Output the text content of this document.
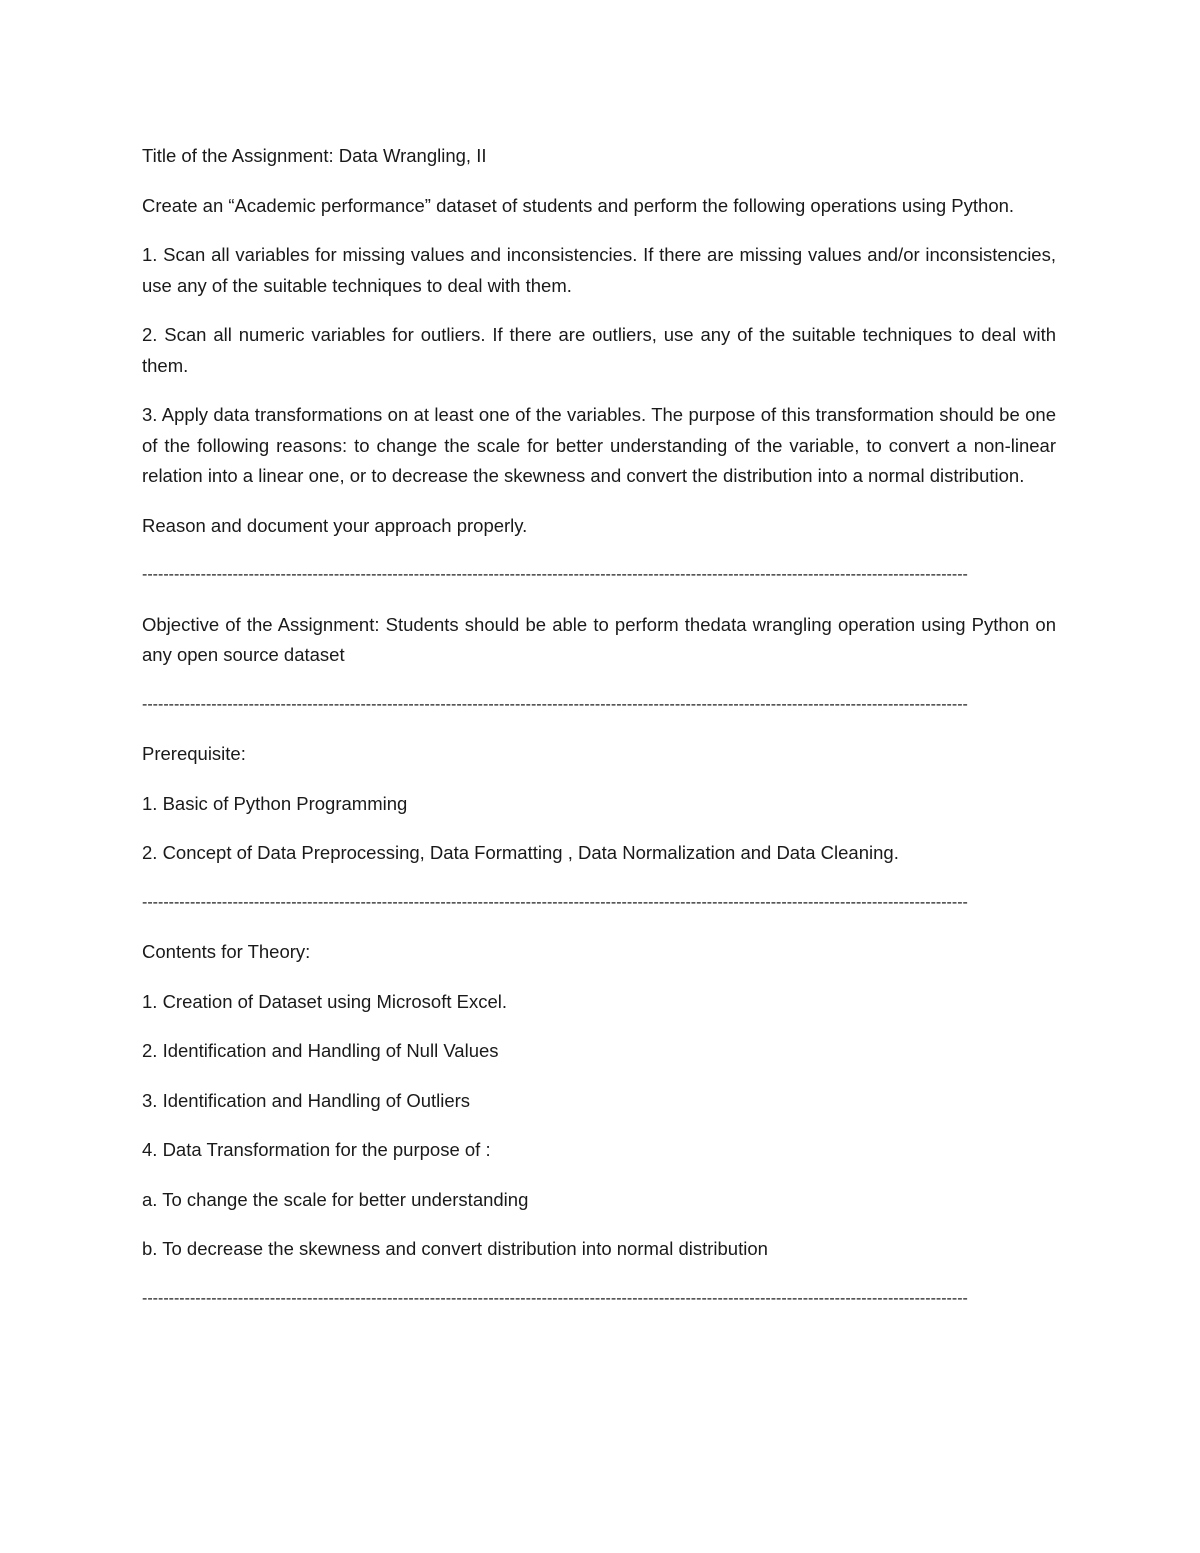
Title of the Assignment: Data Wrangling, II

Create an “Academic performance” dataset of students and perform the following operations using Python.

1. Scan all variables for missing values and inconsistencies. If there are missing values and/or inconsistencies, use any of the suitable techniques to deal with them.

2. Scan all numeric variables for outliers. If there are outliers, use any of the suitable techniques to deal with them.

3. Apply data transformations on at least one of the variables. The purpose of this transformation should be one of the following reasons: to change the scale for better understanding of the variable, to convert a non-linear relation into a linear one, or to decrease the skewness and convert the distribution into a normal distribution.

Reason and document your approach properly.

-----------------------------------------------------------------------------------------------------------------------------------------------------------

Objective of the Assignment: Students should be able to perform thedata wrangling operation using Python on any open source dataset

-----------------------------------------------------------------------------------------------------------------------------------------------------------

Prerequisite:

1. Basic of Python Programming

2. Concept of Data Preprocessing, Data Formatting , Data Normalization and Data Cleaning.

-----------------------------------------------------------------------------------------------------------------------------------------------------------

Contents for Theory:

1. Creation of Dataset using Microsoft Excel.

2. Identification and Handling of Null Values

3. Identification and Handling of Outliers

4. Data Transformation for the purpose of :

a. To change the scale for better understanding

b. To decrease the skewness and convert distribution into normal distribution

-----------------------------------------------------------------------------------------------------------------------------------------------------------
